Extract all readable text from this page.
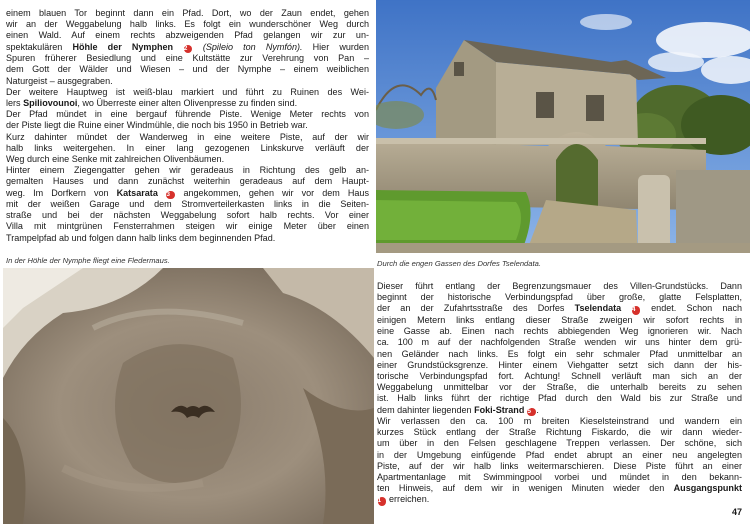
einem blauen Tor beginnt dann ein Pfad. Dort, wo der Zaun endet, gehen

wir an der Weggabelung halb links. Es folgt ein wunderschöner Weg durch

einen Wald. Auf einem rechts abzweigenden Pfad gelangen wir zur un-

spektakulären Höhle der Nymphen 2 (Spileio ton Nymfón). Hier wurden

Spuren früherer Besiedlung und eine Kultstätte zur Verehrung von Pan –

dem Gott der Wälder und Wiesen – und der Nymphe – einem weiblichen

Naturgeist – ausgegraben.

Der weitere Hauptweg ist weiß-blau markiert und führt zu Ruinen des Wei-

lers Spiliovounoi, wo Überreste einer alten Olivenpresse zu finden sind.

Der Pfad mündet in eine bergauf führende Piste. Wenige Meter rechts von

der Piste liegt die Ruine einer Windmühle, die noch bis 1950 in Betrieb war.

Kurz dahinter mündet der Wanderweg in eine weitere Piste, auf der wir

halb links weitergehen. In einer lang gezogenen Linkskurve verläuft der

Weg durch eine Senke mit zahlreichen Olivenbäumen.

Hinter einem Ziegengatter gehen wir geradeaus in Richtung des gelb an-

gemalten Hauses und dann zunächst weiterhin geradeaus auf dem Haupt-

weg. Im Dorfkern von Katsarata 3 angekommen, gehen wir vor dem Haus

mit der weißen Garage und dem Stromverteilerkasten links in die Seiten-

straße und bei der nächsten Weggabelung sofort halb rechts. Vor einer

Villa mit mintgrünen Fensterrahmen steigen wir einige Meter über einen

Trampelpfad ab und folgen dann halb links dem beginnenden Pfad.

In der Höhle der Nymphe fliegt eine Fledermaus.	Durch die engen Gassen des Dorfes Tselendata.

Dieser führt entlang der Begrenzungsmauer des Villen-Grundstücks. Dann

beginnt der historische Verbindungspfad über große, glatte Felsplatten,

der an der Zufahrtsstraße des Dorfes Tselendata 4 endet. Schon nach

einigen Metern links entlang dieser Straße zweigen wir sofort rechts in

eine Gasse ab. Einen nach rechts abbiegenden Weg ignorieren wir. Nach

ca. 100 m auf der nachfolgenden Straße wenden wir uns hinter dem grü-

nen Geländer nach links. Es folgt ein sehr schmaler Pfad unmittelbar an

einer Grundstücksgrenze. Hinter einem Viehgatter setzt sich dann der his-

torische Verbindungspfad fort. Achtung! Schnell verläuft man sich an der

Weggabelung unmittelbar vor der Straße, die unterhalb bereits zu sehen

ist. Halb links führt der richtige Pfad durch den Wald bis zur Straße und

dem dahinter liegenden Foki-Strand 5 .

Wir verlassen den ca. 100 m breiten Kieselsteinstrand und wandern ein

kurzes Stück entlang der Straße Richtung Fiskardo, die wir dann wieder-

um über in den Felsen geschlagene Treppen verlassen. Der schöne, sich

in der Umgebung einfügende Pfad endet abrupt an einer neu angelegten

Piste, auf der wir halb links weitermarschieren. Diese Piste führt an einer

Apartmentanlage mit Swimmingpool vorbei und mündet in den bekann-

ten Hinweis, auf dem wir in wenigen Minuten wieder den Ausgangspunkt

1 erreichen.

47
